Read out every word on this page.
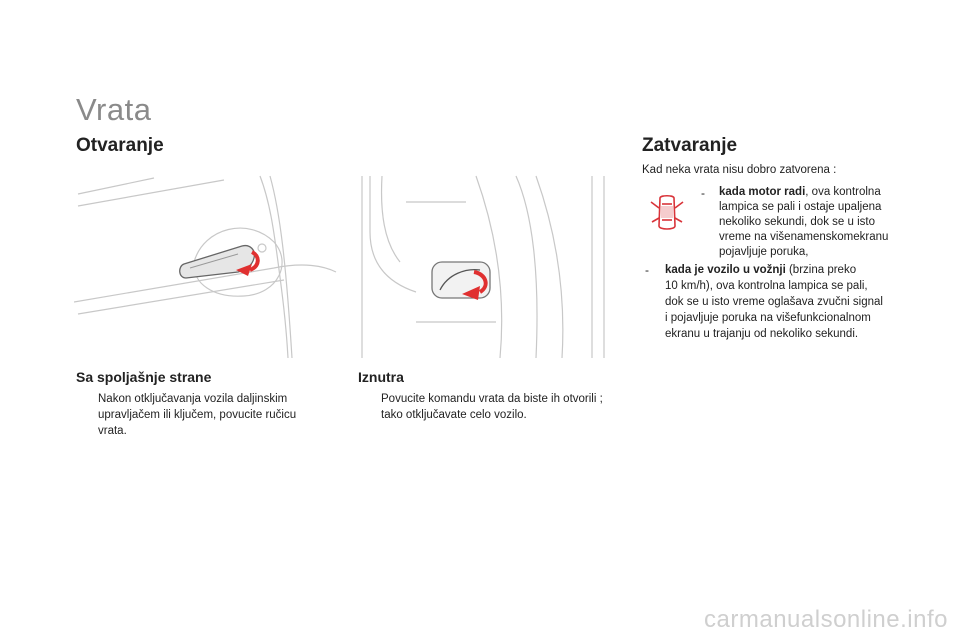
Vrata
Otvaranje
Sa spoljašnje strane

Nakon otključavanja vozila daljinskim
upravljačem ili ključem, povucite ručicu
vrata.

Iznutra

Povucite komandu vrata da biste ih otvorili ;
tako otključavate celo vozilo.

Zatvaranje

Kad neka vrata nisu dobro zatvorena :

- kada motor radi, ova kontrolna
lampica se pali i ostaje upaljena
nekoliko sekundi, dok se u isto
vreme na višenamenskomekranu
pojavljuje poruka,

- kada je vozilo u vožnji (brzina preko
10 km/h), ova kontrolna lampica se pali,
dok se u isto vreme oglašava zvučni signal
i pojavljuje poruka na višefunkcionalnom
ekranu u trajanju od nekoliko sekundi.

carmanualsonline.info
